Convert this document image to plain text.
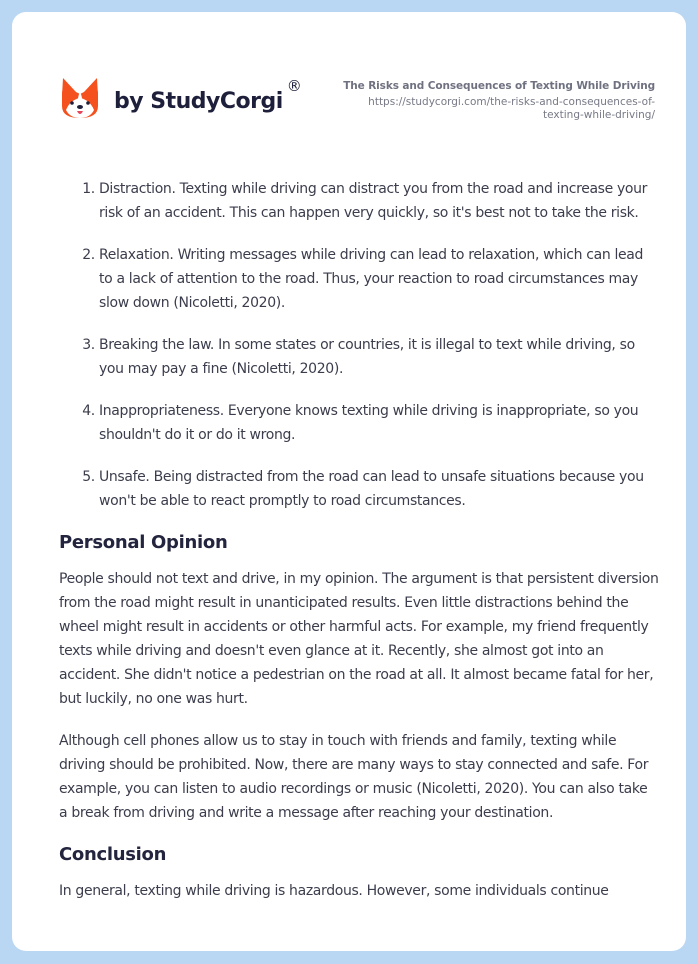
by StudyCorgi
®	The Risks and Consequences of Texting While Driving
https://studycorgi.com/the-risks-and-consequences-of-
texting-while-driving/
1. Distraction. Texting while driving can distract you from the road and increase your risk of an accident. This can happen very quickly, so it's best not to take the risk.
2. Relaxation. Writing messages while driving can lead to relaxation, which can lead to a lack of attention to the road. Thus, your reaction to road circumstances may slow down (Nicoletti, 2020).
3. Breaking the law. In some states or countries, it is illegal to text while driving, so you may pay a fine (Nicoletti, 2020).
4. Inappropriateness. Everyone knows texting while driving is inappropriate, so you shouldn't do it or do it wrong.
5. Unsafe. Being distracted from the road can lead to unsafe situations because you won't be able to react promptly to road circumstances.
Personal Opinion

People should not text and drive, in my opinion. The argument is that persistent diversion from the road might result in unanticipated results. Even little distractions behind the wheel might result in accidents or other harmful acts. For example, my friend frequently texts while driving and doesn't even glance at it. Recently, she almost got into an accident. She didn't notice a pedestrian on the road at all. It almost became fatal for her, but luckily, no one was hurt.

Although cell phones allow us to stay in touch with friends and family, texting while driving should be prohibited. Now, there are many ways to stay connected and safe. For example, you can listen to audio recordings or music (Nicoletti, 2020). You can also take a break from driving and write a message after reaching your destination.

Conclusion

In general, texting while driving is hazardous. However, some individuals continue
